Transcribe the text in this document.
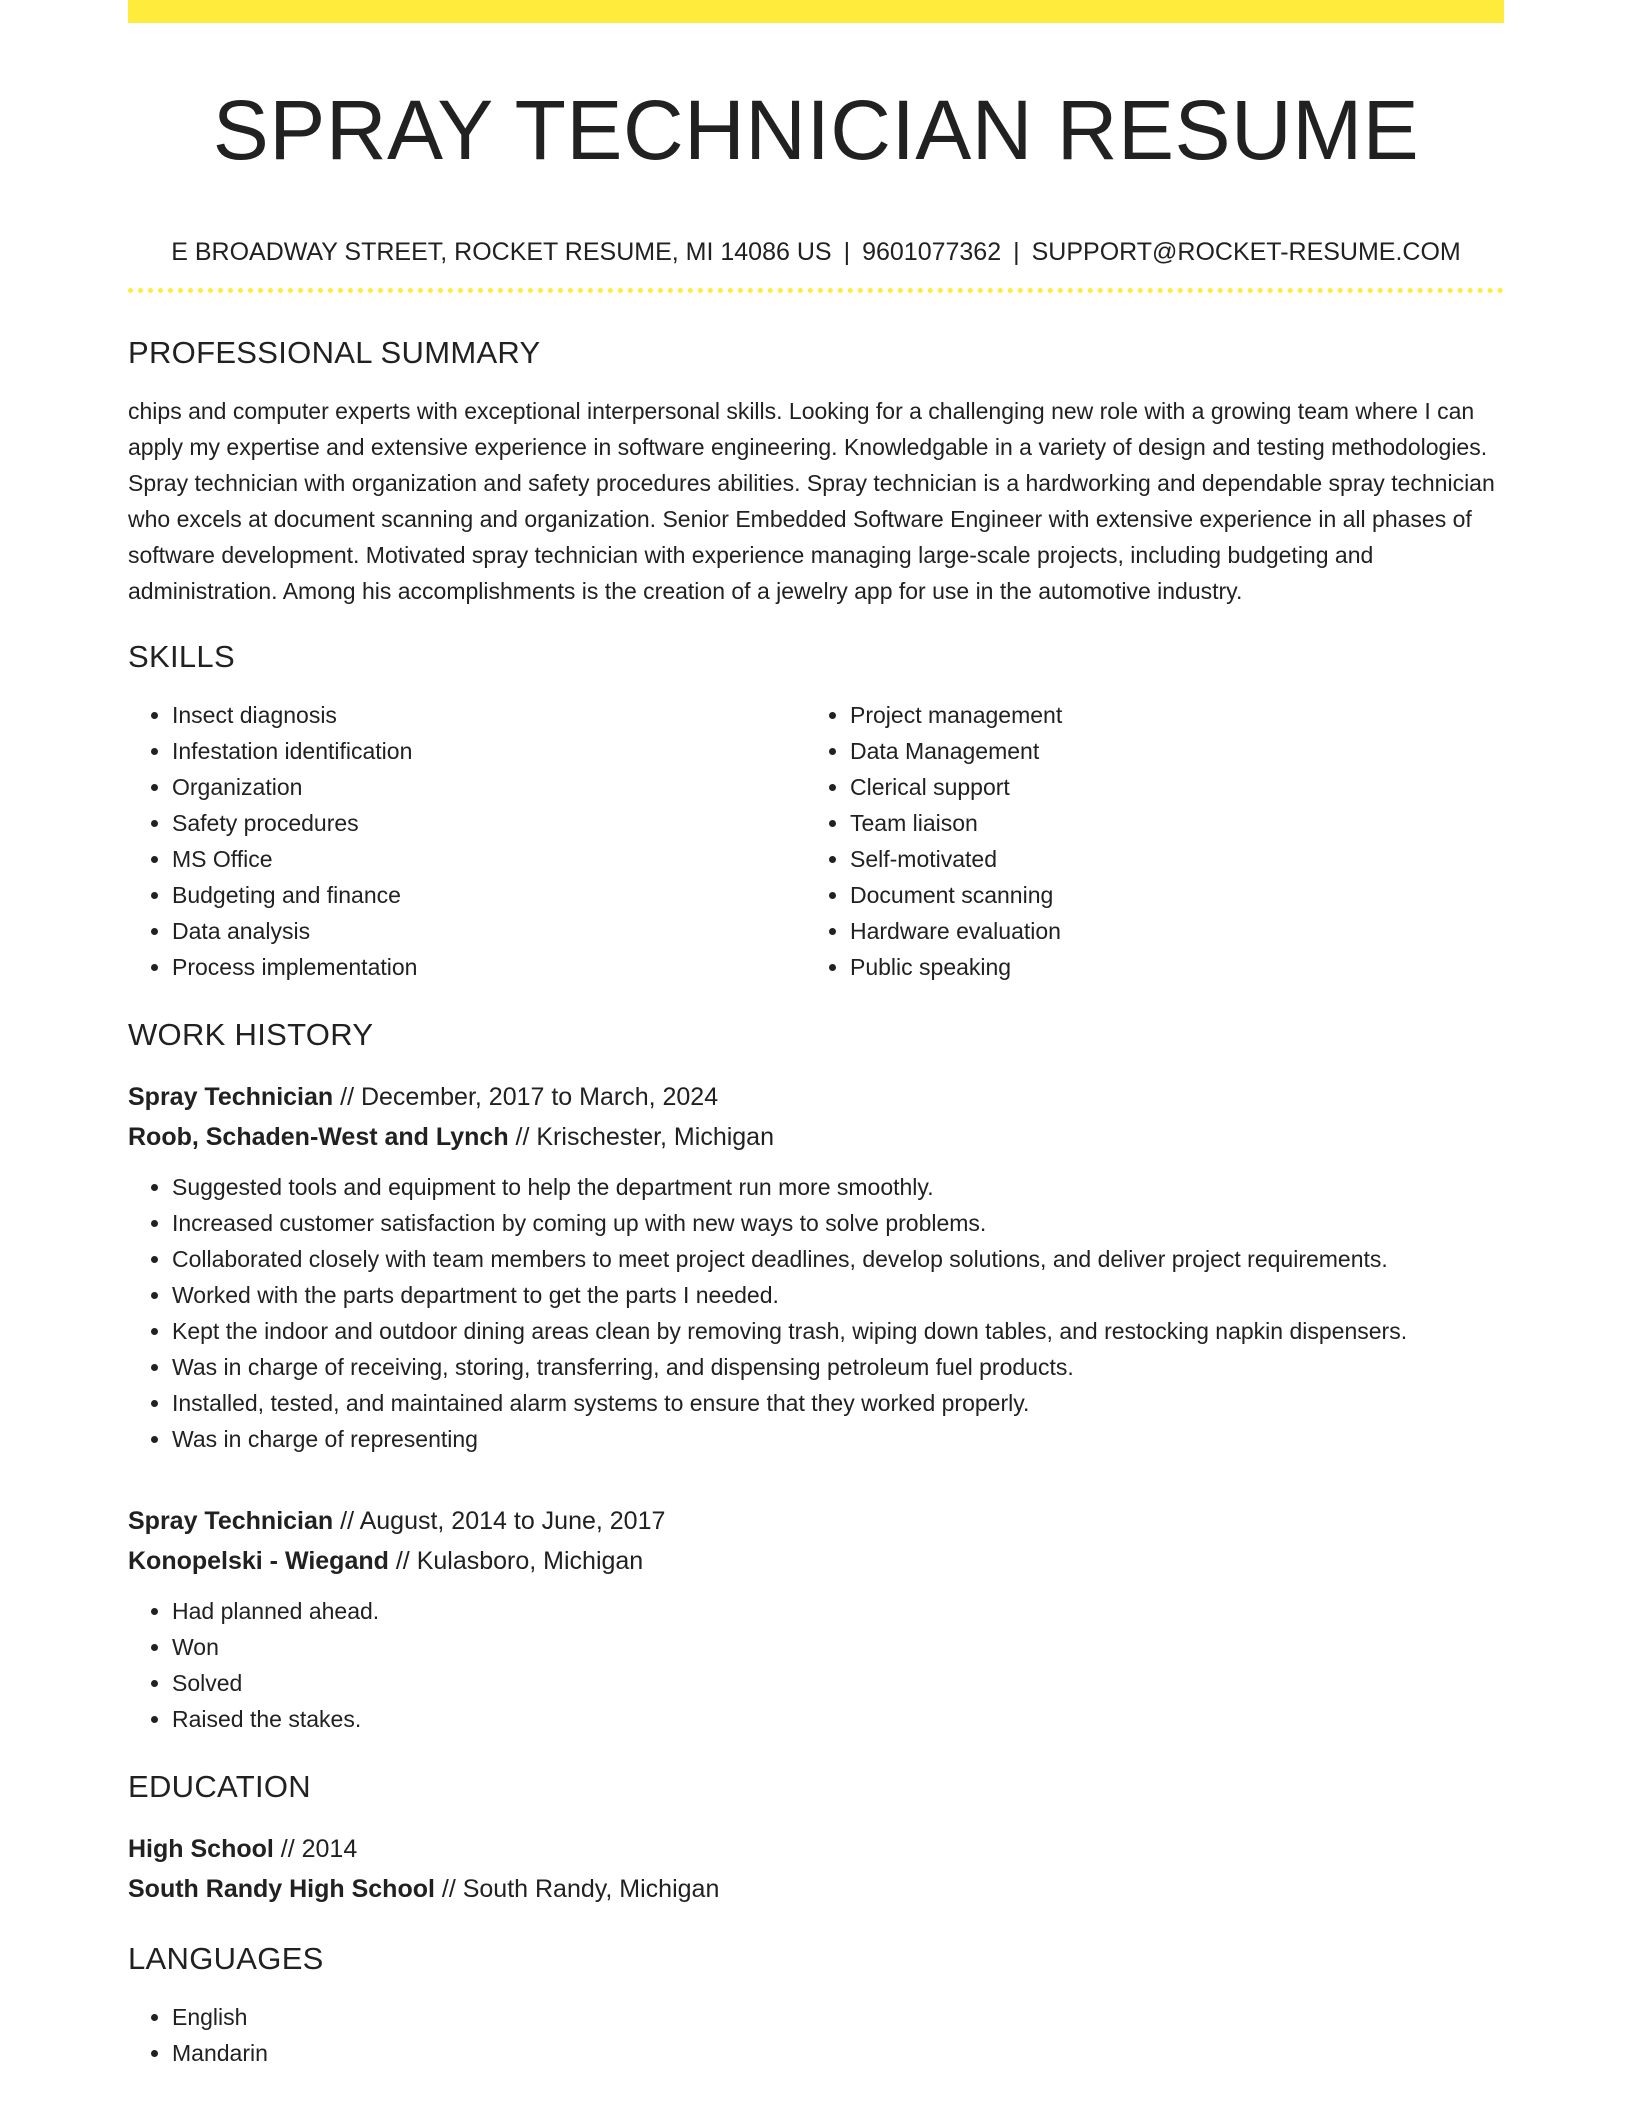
SPRAY TECHNICIAN RESUME
E BROADWAY STREET, ROCKET RESUME, MI 14086 US | 9601077362 | SUPPORT@ROCKET-RESUME.COM
PROFESSIONAL SUMMARY

chips and computer experts with exceptional interpersonal skills. Looking for a challenging new role with a growing team where I can apply my expertise and extensive experience in software engineering. Knowledgable in a variety of design and testing methodologies. Spray technician with organization and safety procedures abilities. Spray technician is a hardworking and dependable spray technician who excels at document scanning and organization. Senior Embedded Software Engineer with extensive experience in all phases of software development. Motivated spray technician with experience managing large-scale projects, including budgeting and administration. Among his accomplishments is the creation of a jewelry app for use in the automotive industry.

SKILLS
• Insect diagnosis
• Infestation identification
• Organization
• Safety procedures
• MS Office
• Budgeting and finance
• Data analysis
• Process implementation
• Project management
• Data Management
• Clerical support
• Team liaison
• Self-motivated
• Document scanning
• Hardware evaluation
• Public speaking
WORK HISTORY
Spray Technician // December, 2017 to March, 2024
Roob, Schaden-West and Lynch // Krischester, Michigan
• Suggested tools and equipment to help the department run more smoothly.
• Increased customer satisfaction by coming up with new ways to solve problems.
• Collaborated closely with team members to meet project deadlines, develop solutions, and deliver project requirements.
• Worked with the parts department to get the parts I needed.
• Kept the indoor and outdoor dining areas clean by removing trash, wiping down tables, and restocking napkin dispensers.
• Was in charge of receiving, storing, transferring, and dispensing petroleum fuel products.
• Installed, tested, and maintained alarm systems to ensure that they worked properly.
• Was in charge of representing
Spray Technician // August, 2014 to June, 2017
Konopelski - Wiegand // Kulasboro, Michigan
• Had planned ahead.
• Won
• Solved
• Raised the stakes.
EDUCATION
High School // 2014
South Randy High School // South Randy, Michigan
LANGUAGES
• English
• Mandarin
